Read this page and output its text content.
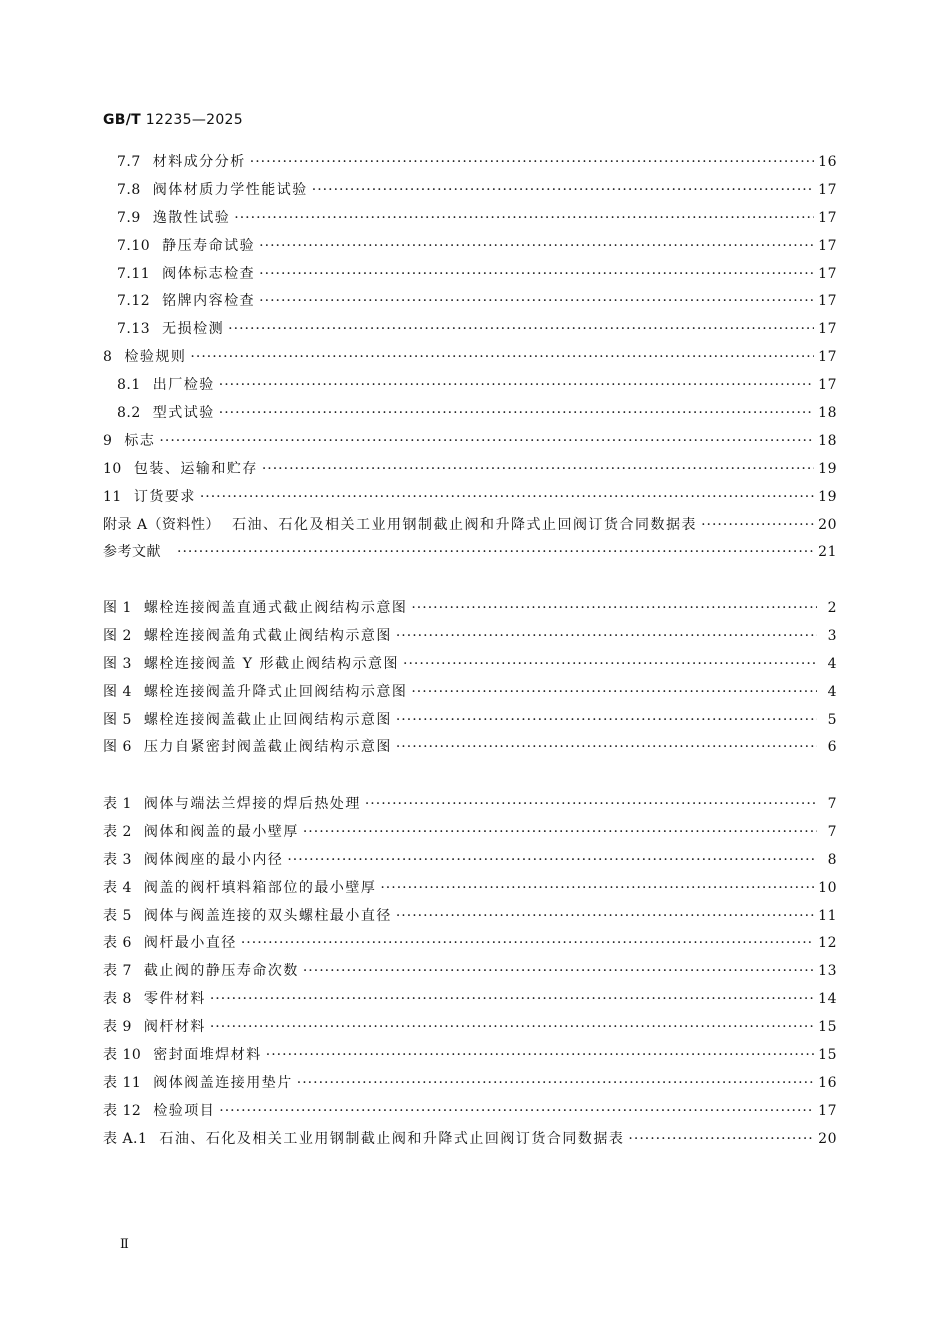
GB/T 12235—2025
7.7 材料成分分析 ·····	16
7.8 阀体材质力学性能试验 ·····	17
7.9 逸散性试验 ·····	17
7.10 静压寿命试验 ·····	17
7.11 阀体标志检查 ·····	17
7.12 铭牌内容检查 ·····	17
7.13 无损检测 ·····	17
8 检验规则 ·····	17
8.1 出厂检验 ·····	17
8.2 型式试验 ·····	18
9 标志 ·····	18
10 包装、运输和贮存 ·····	19
11 订货要求 ·····	19
附录 A（资料性） 石油、石化及相关工业用钢制截止阀和升降式止回阀订货合同数据表 ·····	20
参考文献 ·····	21
图 1 螺栓连接阀盖直通式截止阀结构示意图 ·····	2
图 2 螺栓连接阀盖角式截止阀结构示意图 ·····	3
图 3 螺栓连接阀盖 Y 形截止阀结构示意图 ·····	4
图 4 螺栓连接阀盖升降式止回阀结构示意图 ·····	4
图 5 螺栓连接阀盖截止止回阀结构示意图 ·····	5
图 6 压力自紧密封阀盖截止阀结构示意图 ·····	6
表 1 阀体与端法兰焊接的焊后热处理 ·····	7
表 2 阀体和阀盖的最小壁厚 ·····	7
表 3 阀体阀座的最小内径 ·····	8
表 4 阀盖的阀杆填料箱部位的最小壁厚 ·····	10
表 5 阀体与阀盖连接的双头螺柱最小直径 ·····	11
表 6 阀杆最小直径 ·····	12
表 7 截止阀的静压寿命次数 ·····	13
表 8 零件材料 ·····	14
表 9 阀杆材料 ·····	15
表 10 密封面堆焊材料 ·····	15
表 11 阀体阀盖连接用垫片 ·····	16
表 12 检验项目 ·····	17
表 A.1 石油、石化及相关工业用钢制截止阀和升降式止回阀订货合同数据表 ·····	20
Ⅱ
